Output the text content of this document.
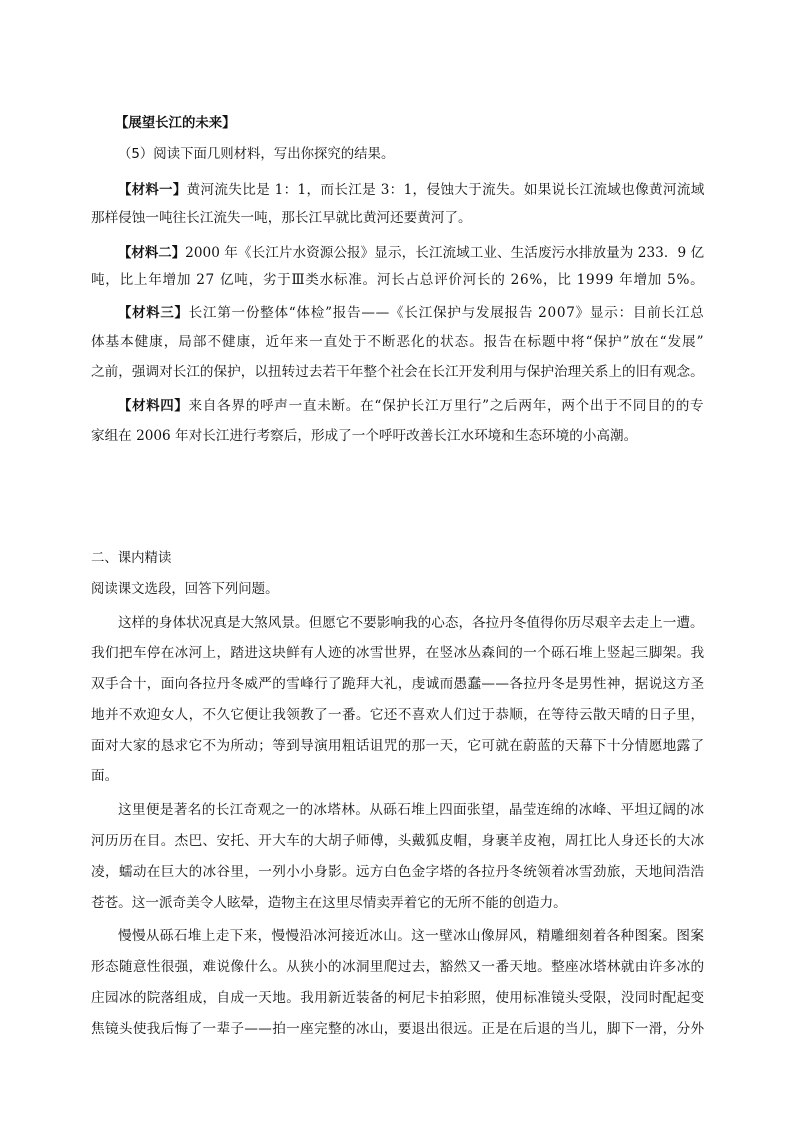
【展望长江的未来】

（5）阅读下面几则材料，写出你探究的结果。

【材料一】黄河流失比是 1：1，而长江是 3：1，侵蚀大于流失。如果说长江流域也像黄河流域

那样侵蚀一吨往长江流失一吨，那长江早就比黄河还要黄河了。

【材料二】2000 年《长江片水资源公报》显示，长江流域工业、生活废污水排放量为 233．9 亿

吨，比上年增加 27 亿吨，劣于Ⅲ类水标准。河长占总评价河长的 26%，比 1999 年增加 5%。

【材料三】长江第一份整体“体检”报告——《长江保护与发展报告 2007》显示：目前长江总

体基本健康，局部不健康，近年来一直处于不断恶化的状态。报告在标题中将“保护”放在“发展”

之前，强调对长江的保护，以扭转过去若干年整个社会在长江开发利用与保护治理关系上的旧有观念。

【材料四】来自各界的呼声一直未断。在“保护长江万里行”之后两年，两个出于不同目的的专

家组在 2006 年对长江进行考察后，形成了一个呼吁改善长江水环境和生态环境的小高潮。

二、课内精读

阅读课文选段，回答下列问题。

这样的身体状况真是大煞风景。但愿它不要影响我的心态，各拉丹冬值得你历尽艰辛去走上一遭。

我们把车停在冰河上，踏进这块鲜有人迹的冰雪世界，在竖冰丛森间的一个砾石堆上竖起三脚架。我

双手合十，面向各拉丹冬威严的雪峰行了跪拜大礼，虔诚而愚蠢——各拉丹冬是男性神，据说这方圣

地并不欢迎女人，不久它便让我领教了一番。它还不喜欢人们过于恭顺，在等待云散天晴的日子里，

面对大家的恳求它不为所动；等到导演用粗话诅咒的那一天，它可就在蔚蓝的天幕下十分情愿地露了

面。

这里便是著名的长江奇观之一的冰塔林。从砾石堆上四面张望，晶莹连绵的冰峰、平坦辽阔的冰

河历历在目。杰巴、安托、开大车的大胡子师傅，头戴狐皮帽，身裹羊皮袍，周扛比人身还长的大冰

凌，蠕动在巨大的冰谷里，一列小小身影。远方白色金字塔的各拉丹冬统领着冰雪劲旅，天地间浩浩

苍苍。这一派奇美令人眩晕，造物主在这里尽情卖弄着它的无所不能的创造力。

慢慢从砾石堆上走下来，慢慢沿冰河接近冰山。这一壁冰山像屏风，精雕细刻着各种图案。图案

形态随意性很强，难说像什么。从狭小的冰洞里爬过去，豁然又一番天地。整座冰塔林就由许多冰的

庄园冰的院落组成，自成一天地。我用新近装备的柯尼卡拍彩照，使用标准镜头受限，没同时配起变

焦镜头使我后悔了一辈子——拍一座完整的冰山，要退出很远。正是在后退的当儿，脚下一滑，分外
